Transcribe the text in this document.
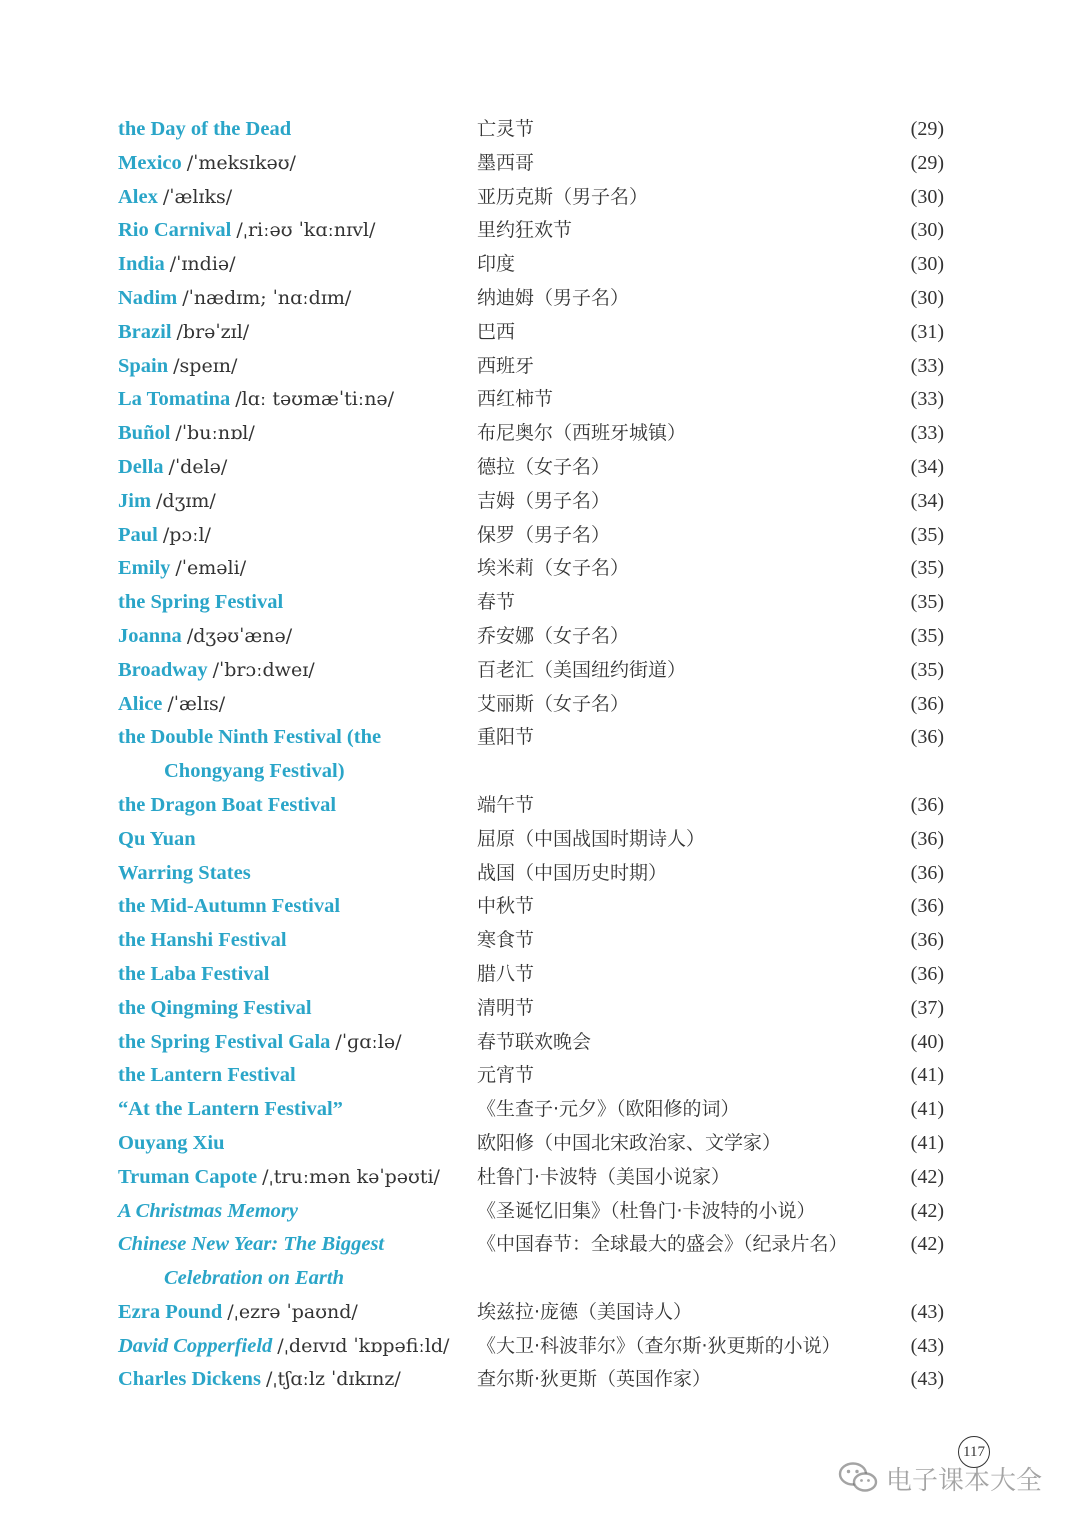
the Day of the Dead	亡灵节	(29)
Mexico /ˈmeksɪkəʊ/	墨西哥	(29)
Alex /ˈælɪks/	亚历克斯（男子名）	(30)
Rio Carnival /ˌriːəʊ ˈkɑːnɪvl/	里约狂欢节	(30)
India /ˈɪndiə/	印度	(30)
Nadim /ˈnædɪm; ˈnɑːdɪm/	纳迪姆（男子名）	(30)
Brazil /brəˈzɪl/	巴西	(31)
Spain /speɪn/	西班牙	(33)
La Tomatina /lɑː təʊmæˈtiːnə/	西红柿节	(33)
Buñol /ˈbuːnɒl/	布尼奥尔（西班牙城镇）	(33)
Della /ˈdelə/	德拉（女子名）	(34)
Jim /dʒɪm/	吉姆（男子名）	(34)
Paul /pɔːl/	保罗（男子名）	(35)
Emily /ˈeməli/	埃米莉（女子名）	(35)
the Spring Festival	春节	(35)
Joanna /dʒəʊˈænə/	乔安娜（女子名）	(35)
Broadway /ˈbrɔːdweɪ/	百老汇（美国纽约街道）	(35)
Alice /ˈælɪs/	艾丽斯（女子名）	(36)
the Double Ninth Festival (the
Chongyang Festival)
重阳节	(36)
the Dragon Boat Festival	端午节	(36)
Qu Yuan	屈原（中国战国时期诗人）	(36)
Warring States	战国（中国历史时期）	(36)
the Mid-Autumn Festival	中秋节	(36)
the Hanshi Festival	寒食节	(36)
the Laba Festival	腊八节	(36)
the Qingming Festival	清明节	(37)
the Spring Festival Gala /ˈɡɑːlə/	春节联欢晚会	(40)
the Lantern Festival	元宵节	(41)
“At the Lantern Festival”	《生查子·元夕》（欧阳修的词）	(41)
Ouyang Xiu	欧阳修（中国北宋政治家、文学家）	(41)
Truman Capote /ˌtruːmən kəˈpəʊti/	杜鲁门·卡波特（美国小说家）	(42)
A Christmas Memory	《圣诞忆旧集》（杜鲁门·卡波特的小说）	(42)
Chinese New Year: The Biggest
Celebration on Earth
《中国春节：全球最大的盛会》（纪录片名）	(42)
Ezra Pound /ˌezrə ˈpaʊnd/	埃兹拉·庞德（美国诗人）	(43)
David Copperfield /ˌdeɪvɪd ˈkɒpəfiːld/	《大卫·科波菲尔》（查尔斯·狄更斯的小说）	(43)
Charles Dickens /ˌtʃɑːlz ˈdɪkɪnz/	查尔斯·狄更斯（英国作家）	(43)
117
电子课本大全
